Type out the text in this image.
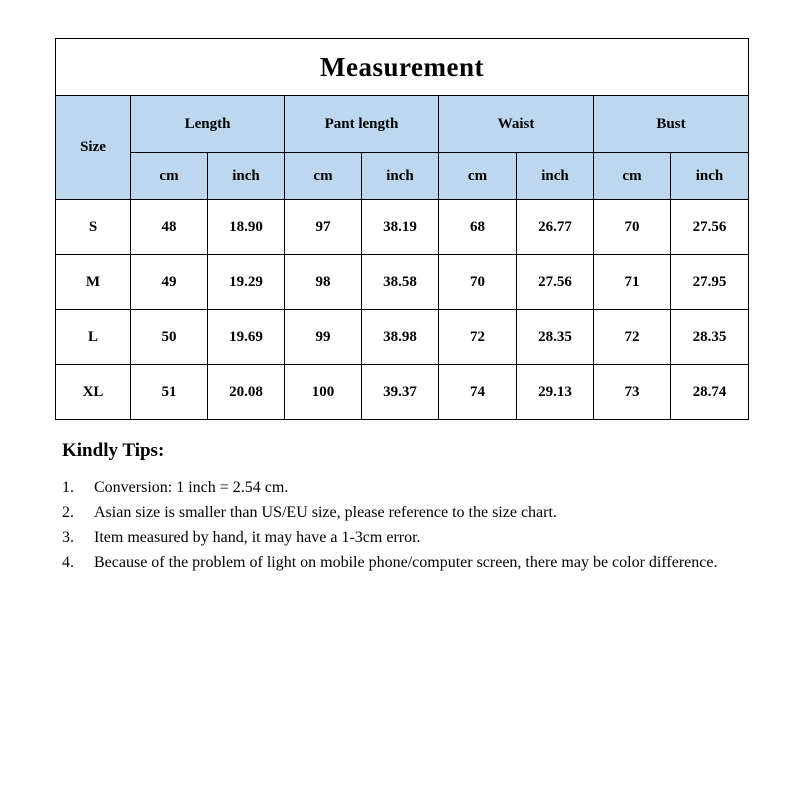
Measurement								
Size	Length		Pant length		Waist		Bust	
	cm	inch	cm	inch	cm	inch	cm	inch
S	48	18.90	97	38.19	68	26.77	70	27.56
M	49	19.29	98	38.58	70	27.56	71	27.95
L	50	19.69	99	38.98	72	28.35	72	28.35
XL	51	20.08	100	39.37	74	29.13	73	28.74
Kindly Tips:
1.	Conversion: 1 inch = 2.54 cm.
2.	Asian size is smaller than US/EU size, please reference to the size chart.
3.	Item measured by hand, it may have a 1-3cm error.
4.	Because of the problem of light on mobile phone/computer screen, there may be color difference.
